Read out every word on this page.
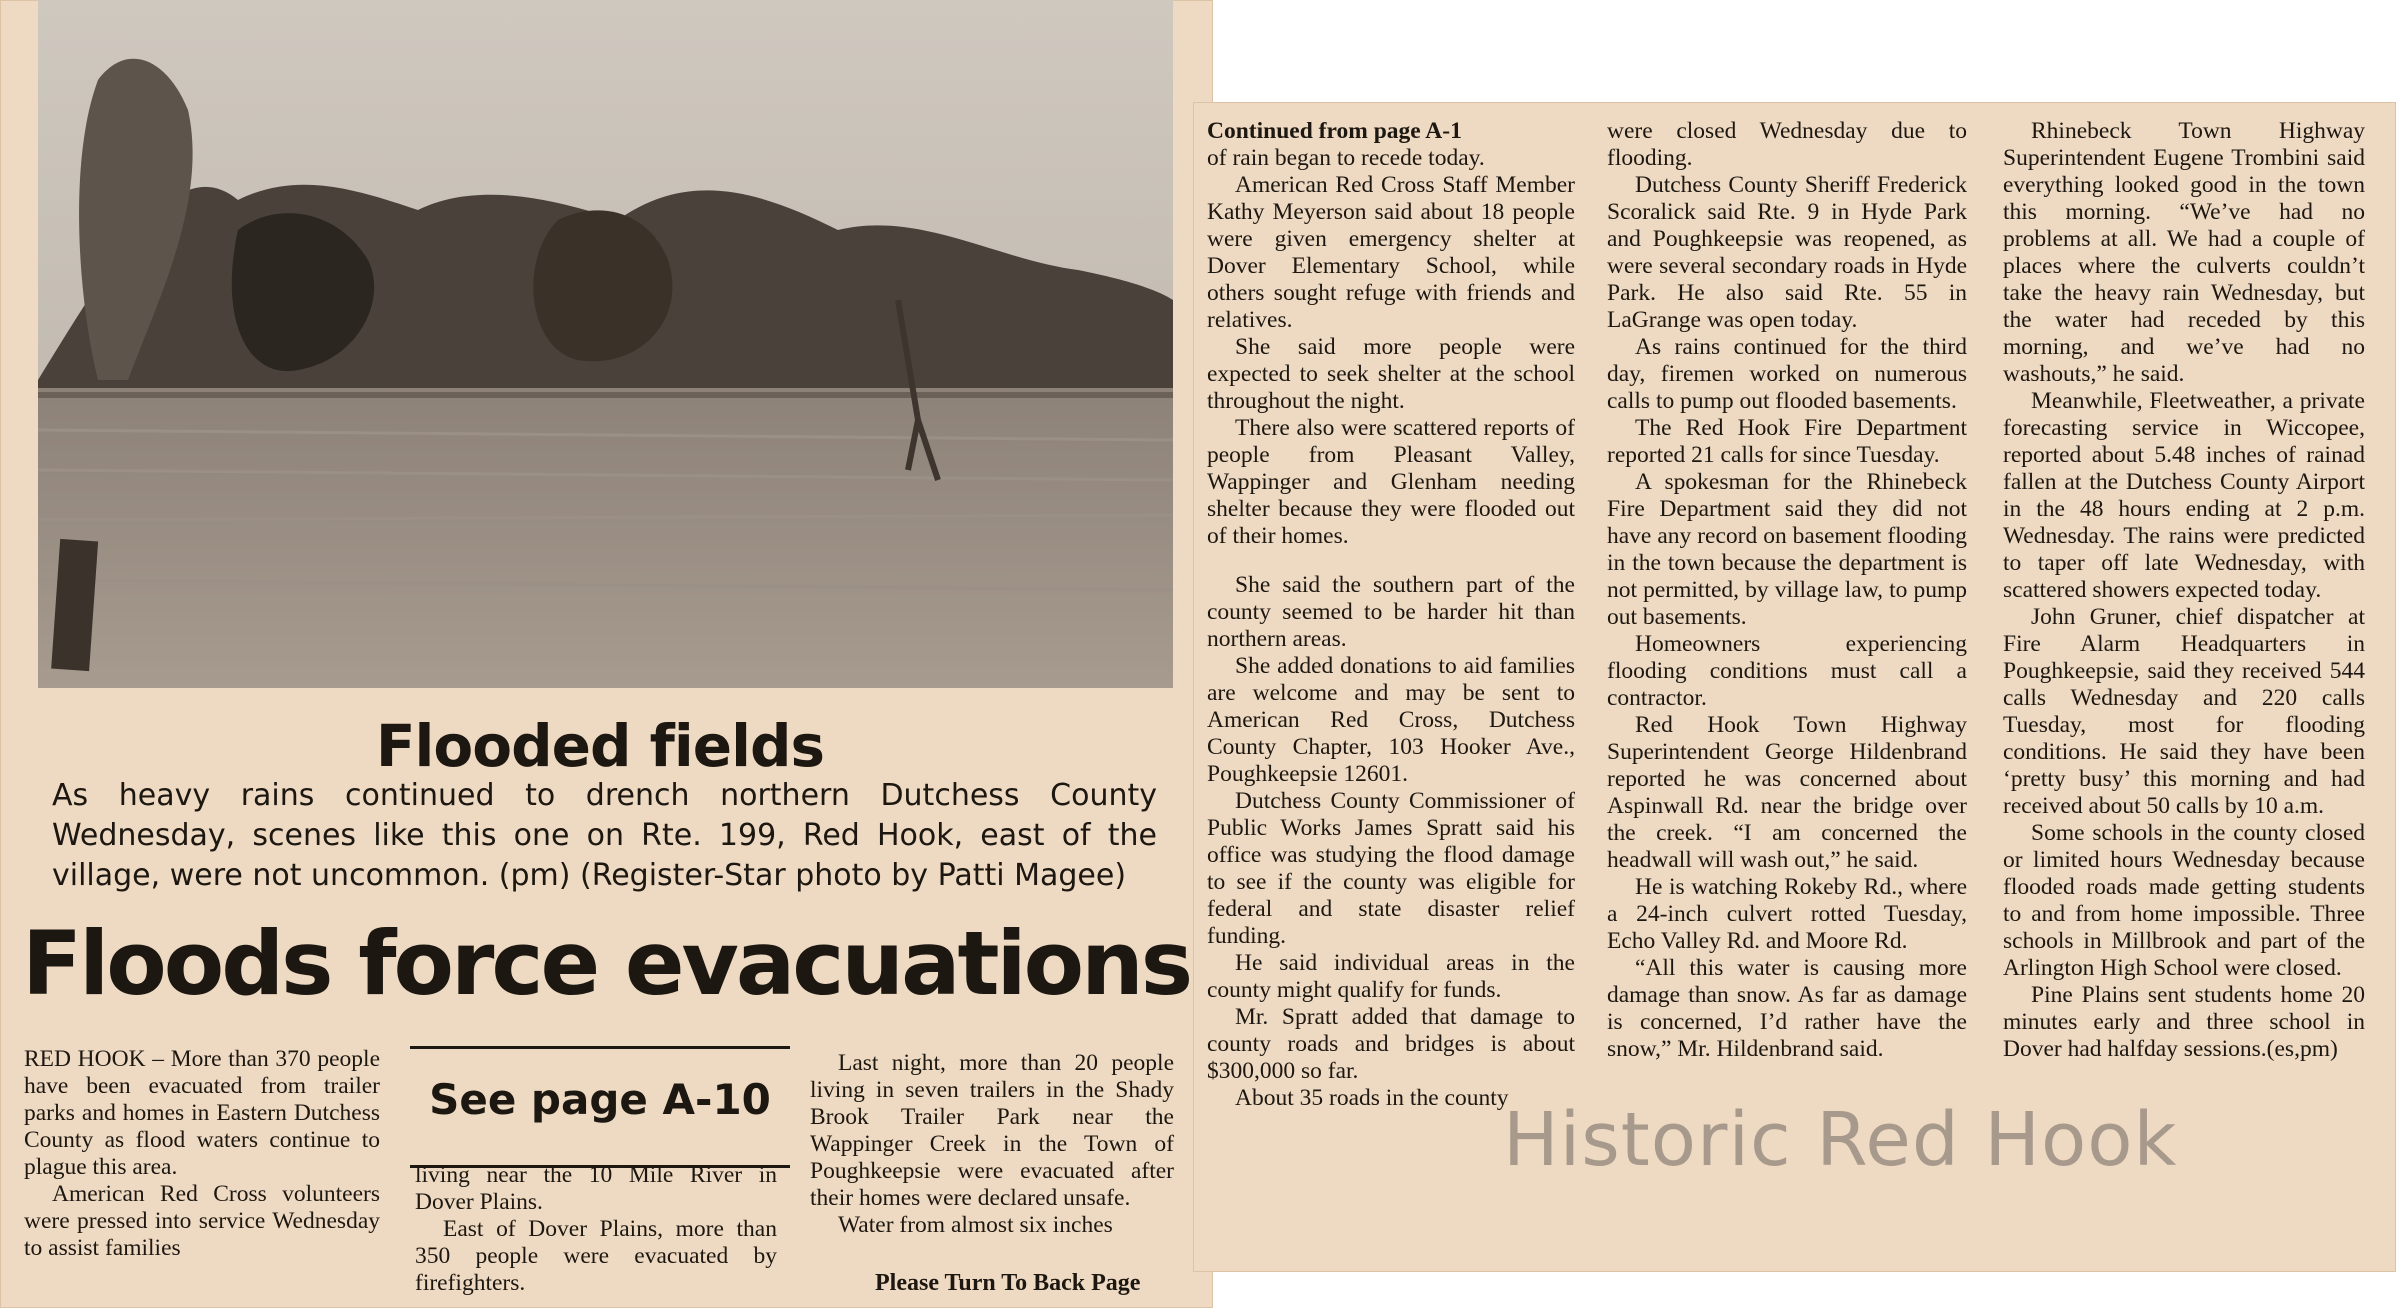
Flooded fields
As heavy rains continued to drench northern Dutchess County Wednesday, scenes like this one on Rte. 199, Red Hook, east of the village, were not uncommon. (pm) (Register-Star photo by Patti Magee)
Floods force evacuations

RED HOOK – More than 370 people have been evacuated from trailer parks and homes in Eastern Dutchess County as flood waters continue to plague this area.

American Red Cross volunteers were pressed into service Wednesday to assist families

See page A-10

living near the 10 Mile River in Dover Plains.

East of Dover Plains, more than 350 people were evacuated by firefighters.

Last night, more than 20 people living in seven trailers in the Shady Brook Trailer Park near the Wappinger Creek in the Town of Poughkeepsie were evacuated after their homes were declared unsafe.

Water from almost six inches

Please Turn To Back Page

Continued from page A-1

of rain began to recede today.

American Red Cross Staff Member Kathy Meyerson said about 18 people were given emergency shelter at Dover Elementary School, while others sought refuge with friends and relatives.

She said more people were expected to seek shelter at the school throughout the night.

There also were scattered reports of people from Pleasant Valley, Wappinger and Glenham needing shelter because they were flooded out of their homes.

She said the southern part of the county seemed to be harder hit than northern areas.

She added donations to aid families are welcome and may be sent to American Red Cross, Dutchess County Chapter, 103 Hooker Ave., Poughkeepsie 12601.

Dutchess County Commissioner of Public Works James Spratt said his office was studying the flood damage to see if the county was eligible for federal and state disaster relief funding.

He said individual areas in the county might qualify for funds.

Mr. Spratt added that damage to county roads and bridges is about $300,000 so far.

About 35 roads in the county

were closed Wednesday due to flooding.

Dutchess County Sheriff Frederick Scoralick said Rte. 9 in Hyde Park and Poughkeepsie was reopened, as were several secondary roads in Hyde Park. He also said Rte. 55 in LaGrange was open today.

As rains continued for the third day, firemen worked on numerous calls to pump out flooded basements.

The Red Hook Fire Department reported 21 calls for since Tuesday.

A spokesman for the Rhinebeck Fire Department said they did not have any record on basement flooding in the town because the department is not permitted, by village law, to pump out basements.

Homeowners experiencing flooding conditions must call a contractor.

Red Hook Town Highway Superintendent George Hildenbrand reported he was concerned about Aspinwall Rd. near the bridge over the creek. “I am concerned the headwall will wash out,” he said.

He is watching Rokeby Rd., where a 24-inch culvert rotted Tuesday, Echo Valley Rd. and Moore Rd.

“All this water is causing more damage than snow. As far as damage is concerned, I’d rather have the snow,” Mr. Hildenbrand said.

Rhinebeck Town Highway Superintendent Eugene Trombini said everything looked good in the town this morning. “We’ve had no problems at all. We had a couple of places where the culverts couldn’t take the heavy rain Wednesday, but the water had receded by this morning, and we’ve had no washouts,” he said.

Meanwhile, Fleetweather, a private forecasting service in Wiccopee, reported about 5.48 inches of rainad fallen at the Dutchess County Airport in the 48 hours ending at 2 p.m. Wednesday. The rains were predicted to taper off late Wednesday, with scattered showers expected today.

John Gruner, chief dispatcher at Fire Alarm Headquarters in Poughkeepsie, said they received 544 calls Wednesday and 220 calls Tuesday, most for flooding conditions. He said they have been ‘pretty busy’ this morning and had received about 50 calls by 10 a.m.

Some schools in the county closed or limited hours Wednesday because flooded roads made getting students to and from home impossible. Three schools in Millbrook and part of the Arlington High School were closed.

Pine Plains sent students home 20 minutes early and three school in Dover had halfday sessions.(es,pm)

Historic Red Hook
